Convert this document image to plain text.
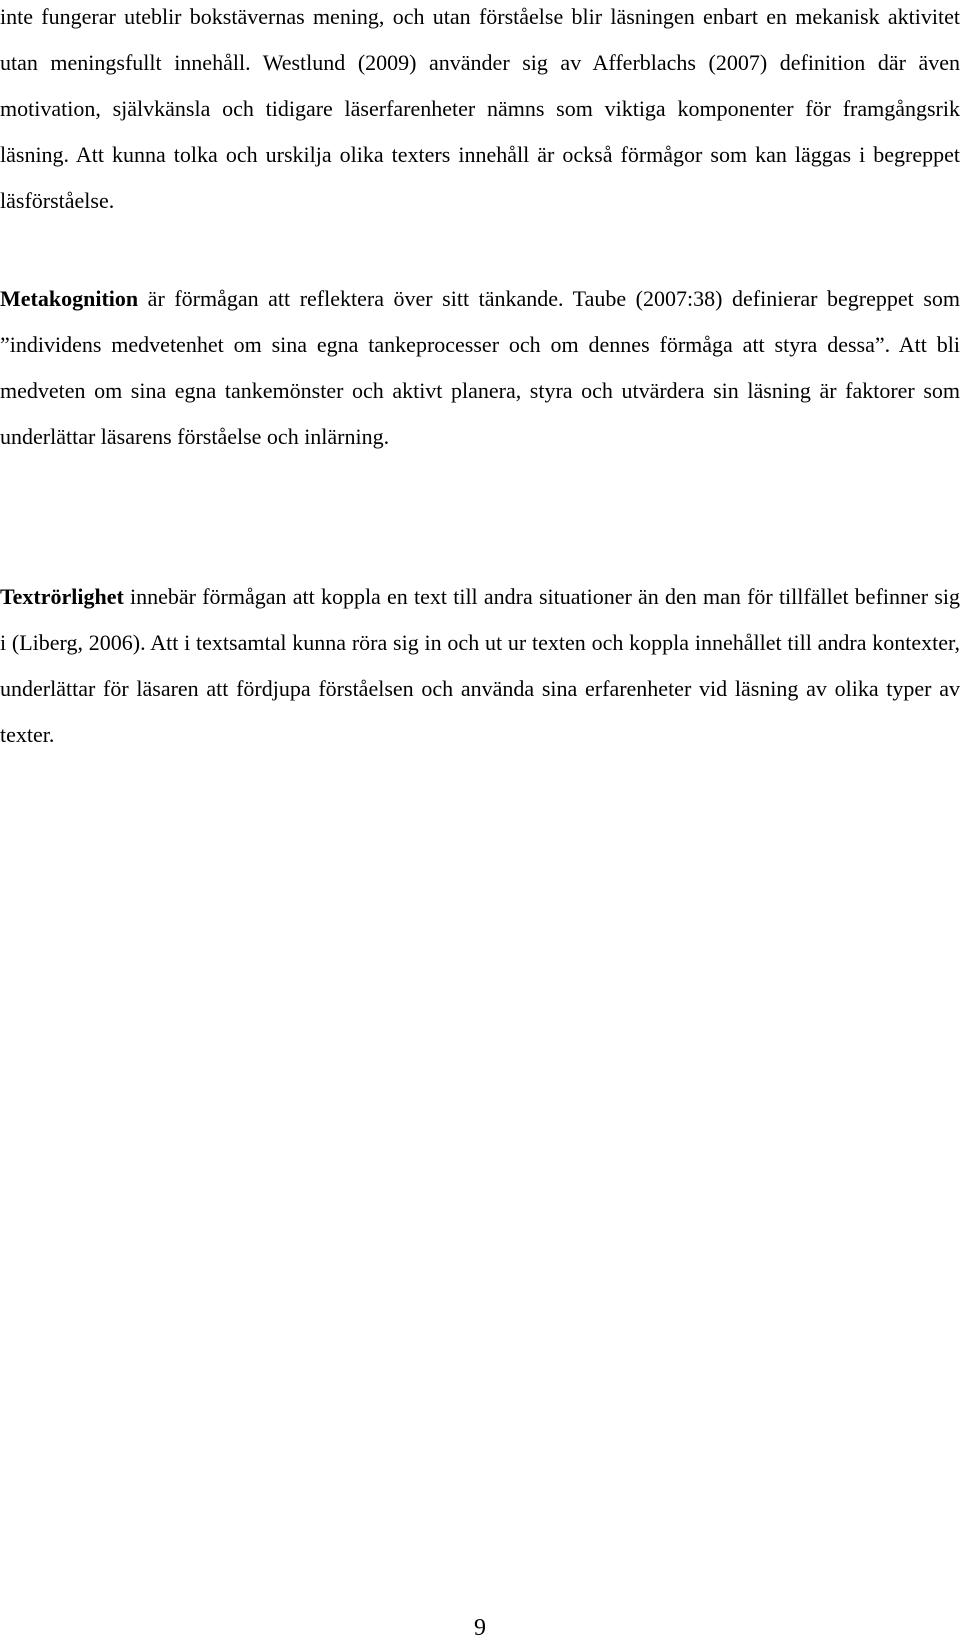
inte fungerar uteblir bokstävernas mening, och utan förståelse blir läsningen enbart en mekanisk aktivitet utan meningsfullt innehåll. Westlund (2009) använder sig av Afferblachs (2007) definition där även motivation, självkänsla och tidigare läserfarenheter nämns som viktiga komponenter för framgångsrik läsning. Att kunna tolka och urskilja olika texters innehåll är också förmågor som kan läggas i begreppet läsförståelse.

Metakognition är förmågan att reflektera över sitt tänkande. Taube (2007:38) definierar begreppet som ”individens medvetenhet om sina egna tankeprocesser och om dennes förmåga att styra dessa”. Att bli medveten om sina egna tankemönster och aktivt planera, styra och utvärdera sin läsning är faktorer som underlättar läsarens förståelse och inlärning.

Textrörlighet innebär förmågan att koppla en text till andra situationer än den man för tillfället befinner sig i (Liberg, 2006). Att i textsamtal kunna röra sig in och ut ur texten och koppla innehållet till andra kontexter, underlättar för läsaren att fördjupa förståelsen och använda sina erfarenheter vid läsning av olika typer av texter.

9
